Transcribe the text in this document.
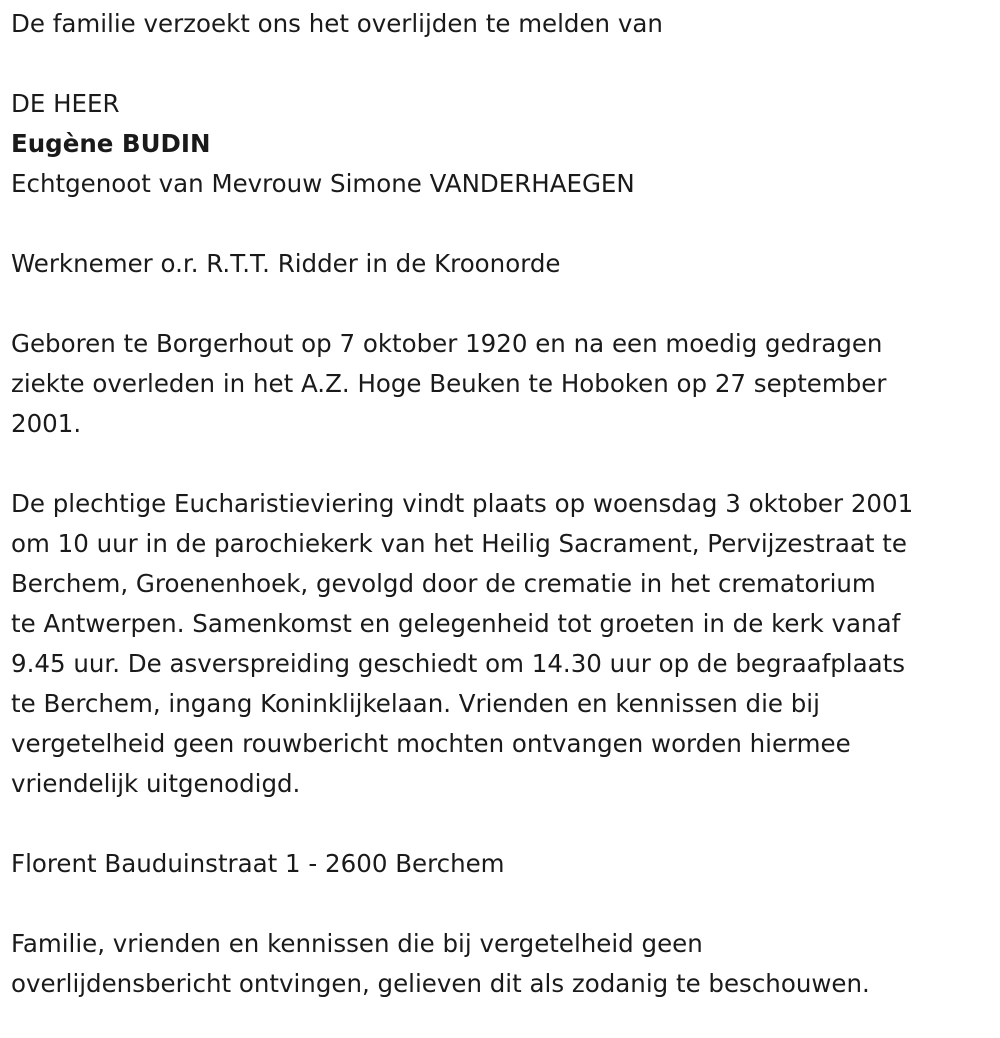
De familie verzoekt ons het overlijden te melden van

DE HEER

Eugène BUDIN

Echtgenoot van Mevrouw Simone VANDERHAEGEN

Werknemer o.r. R.T.T. Ridder in de Kroonorde

Geboren te Borgerhout op 7 oktober 1920 en na een moedig gedragen
ziekte overleden in het A.Z. Hoge Beuken te Hoboken op 27 september
2001.

De plechtige Eucharistieviering vindt plaats op woensdag 3 oktober 2001
om 10 uur in de parochiekerk van het Heilig Sacrament, Pervijzestraat te
Berchem, Groenenhoek, gevolgd door de crematie in het crematorium
te Antwerpen. Samenkomst en gelegenheid tot groeten in de kerk vanaf
9.45 uur. De asverspreiding geschiedt om 14.30 uur op de begraafplaats
te Berchem, ingang Koninklijkelaan. Vrienden en kennissen die bij
vergetelheid geen rouwbericht mochten ontvangen worden hiermee
vriendelijk uitgenodigd.

Florent Bauduinstraat 1 - 2600 Berchem

Familie, vrienden en kennissen die bij vergetelheid geen
overlijdensbericht ontvingen, gelieven dit als zodanig te beschouwen.
